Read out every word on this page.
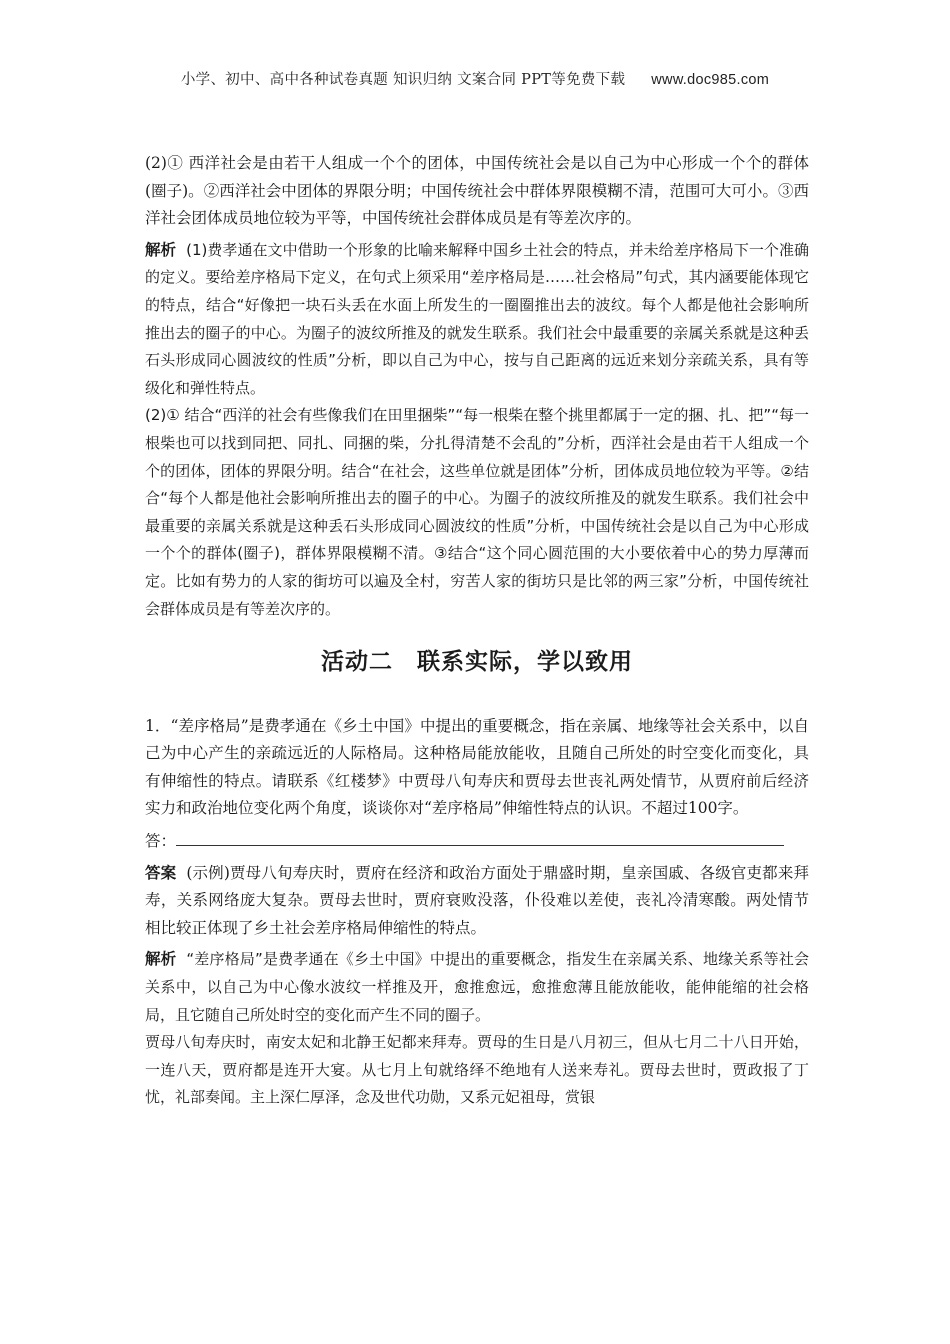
小学、初中、高中各种试卷真题 知识归纳 文案合同 PPT等免费下载 www.doc985.com

(2)① 西洋社会是由若干人组成一个个的团体，中国传统社会是以自己为中心形成一个个的群体(圈子)。②西洋社会中团体的界限分明；中国传统社会中群体界限模糊不清，范围可大可小。③西洋社会团体成员地位较为平等，中国传统社会群体成员是有等差次序的。

解析 (1)费孝通在文中借助一个形象的比喻来解释中国乡土社会的特点，并未给差序格局下一个准确的定义。要给差序格局下定义，在句式上须采用“差序格局是……社会格局”句式，其内涵要能体现它的特点，结合“好像把一块石头丢在水面上所发生的一圈圈推出去的波纹。每个人都是他社会影响所推出去的圈子的中心。为圈子的波纹所推及的就发生联系。我们社会中最重要的亲属关系就是这种丢石头形成同心圆波纹的性质”分析，即以自己为中心，按与自己距离的远近来划分亲疏关系，具有等级化和弹性特点。

(2)① 结合“西洋的社会有些像我们在田里捆柴”“每一根柴在整个挑里都属于一定的捆、扎、把”“每一根柴也可以找到同把、同扎、同捆的柴，分扎得清楚不会乱的”分析，西洋社会是由若干人组成一个个的团体，团体的界限分明。结合“在社会，这些单位就是团体”分析，团体成员地位较为平等。②结合“每个人都是他社会影响所推出去的圈子的中心。为圈子的波纹所推及的就发生联系。我们社会中最重要的亲属关系就是这种丢石头形成同心圆波纹的性质”分析，中国传统社会是以自己为中心形成一个个的群体(圈子)，群体界限模糊不清。③结合“这个同心圆范围的大小要依着中心的势力厚薄而定。比如有势力的人家的街坊可以遍及全村，穷苦人家的街坊只是比邻的两三家”分析，中国传统社会群体成员是有等差次序的。

活动二　联系实际，学以致用

1．“差序格局”是费孝通在《乡土中国》中提出的重要概念，指在亲属、地缘等社会关系中，以自己为中心产生的亲疏远近的人际格局。这种格局能放能收，且随自己所处的时空变化而变化，具有伸缩性的特点。请联系《红楼梦》中贾母八旬寿庆和贾母去世丧礼两处情节，从贾府前后经济实力和政治地位变化两个角度，谈谈你对“差序格局”伸缩性特点的认识。不超过100字。

答：

答案 (示例)贾母八旬寿庆时，贾府在经济和政治方面处于鼎盛时期，皇亲国戚、各级官吏都来拜寿，关系网络庞大复杂。贾母去世时，贾府衰败没落，仆役难以差使，丧礼冷清寒酸。两处情节相比较正体现了乡土社会差序格局伸缩性的特点。

解析 “差序格局”是费孝通在《乡土中国》中提出的重要概念，指发生在亲属关系、地缘关系等社会关系中，以自己为中心像水波纹一样推及开，愈推愈远，愈推愈薄且能放能收，能伸能缩的社会格局，且它随自己所处时空的变化而产生不同的圈子。

贾母八旬寿庆时，南安太妃和北静王妃都来拜寿。贾母的生日是八月初三，但从七月二十八日开始，一连八天，贾府都是连开大宴。从七月上旬就络绎不绝地有人送来寿礼。贾母去世时，贾政报了丁忧，礼部奏闻。主上深仁厚泽，念及世代功勋，又系元妃祖母，赏银
